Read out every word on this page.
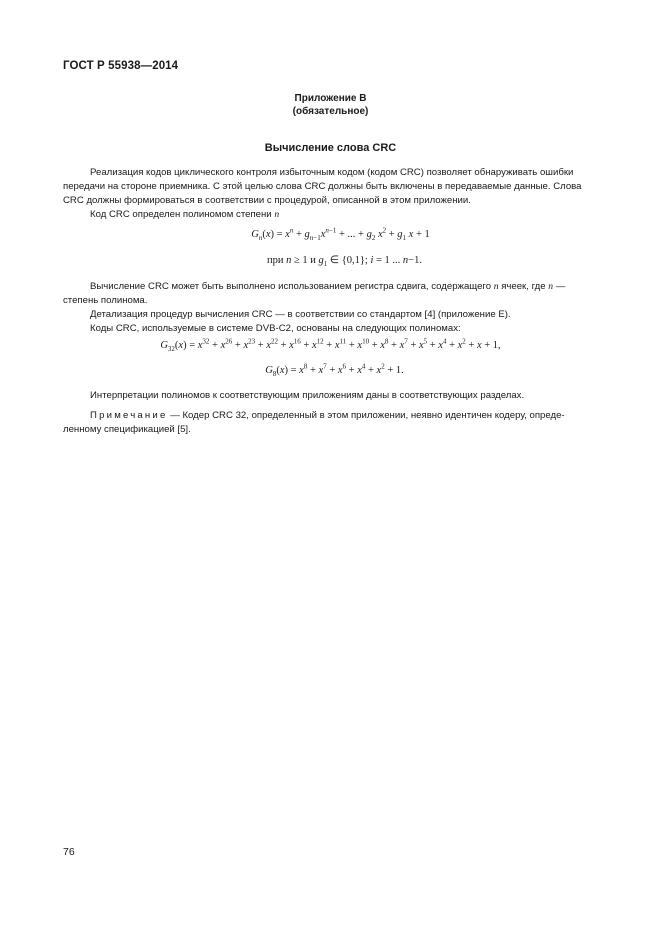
ГОСТ Р 55938—2014
Приложение В
(обязательное)
Вычисление слова CRC
Реализация кодов циклического контроля избыточным кодом (кодом CRC) позволяет обнаруживать ошибки
передачи на стороне приемника. С этой целью слова CRC должны быть включены в передаваемые данные. Слова
CRC должны формироваться в соответствии с процедурой, описанной в этом приложении.
Код CRC определен полиномом степени n
$G_n(x) = x^n + g_{n-1}x^{n-1}$ + ... + $g_2$ $x^2 + g_1$ x + 1
при n ≥ 1 и $g_1$ ∈ {0,1}; i = 1 ... n−1.
Вычисление CRC может быть выполнено использованием регистра сдвига, содержащего n ячеек, где n —
степень полинома.
Детализация процедур вычисления CRC — в соответствии со стандартом [4] (приложение Е).
Коды CRC, используемые в системе DVB-C2, основаны на следующих полиномах:
$G_{32}(x) = x^{32} + x^{26} + x^{23} + x^{22} + x^{16} + x^{12} + x^{11} + x^{10} + x^8 + x^7 + x^5 + x^4 + x^2 + x + 1$,
$G_8(x) = x^8 + x^7 + x^6 + x^4 + x^2 + 1$.
Интерпретации полиномов к соответствующим приложениям даны в соответствующих разделах.
Примечание — Кодер CRC 32, определенный в этом приложении, неявно идентичен кодеру, опреде-
ленному спецификацией [5].
76
